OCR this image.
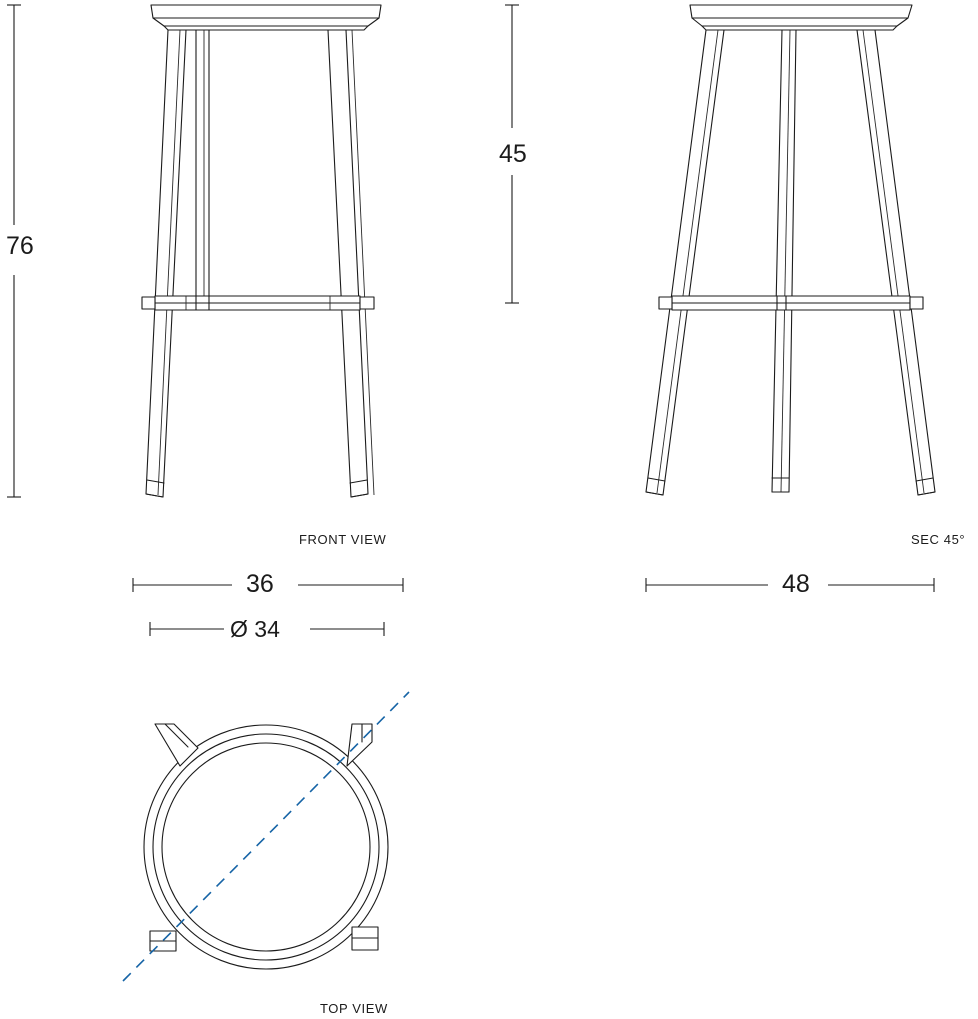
76
45
36
Ø 34
48
FRONT VIEW	SEC 45°
TOP VIEW
